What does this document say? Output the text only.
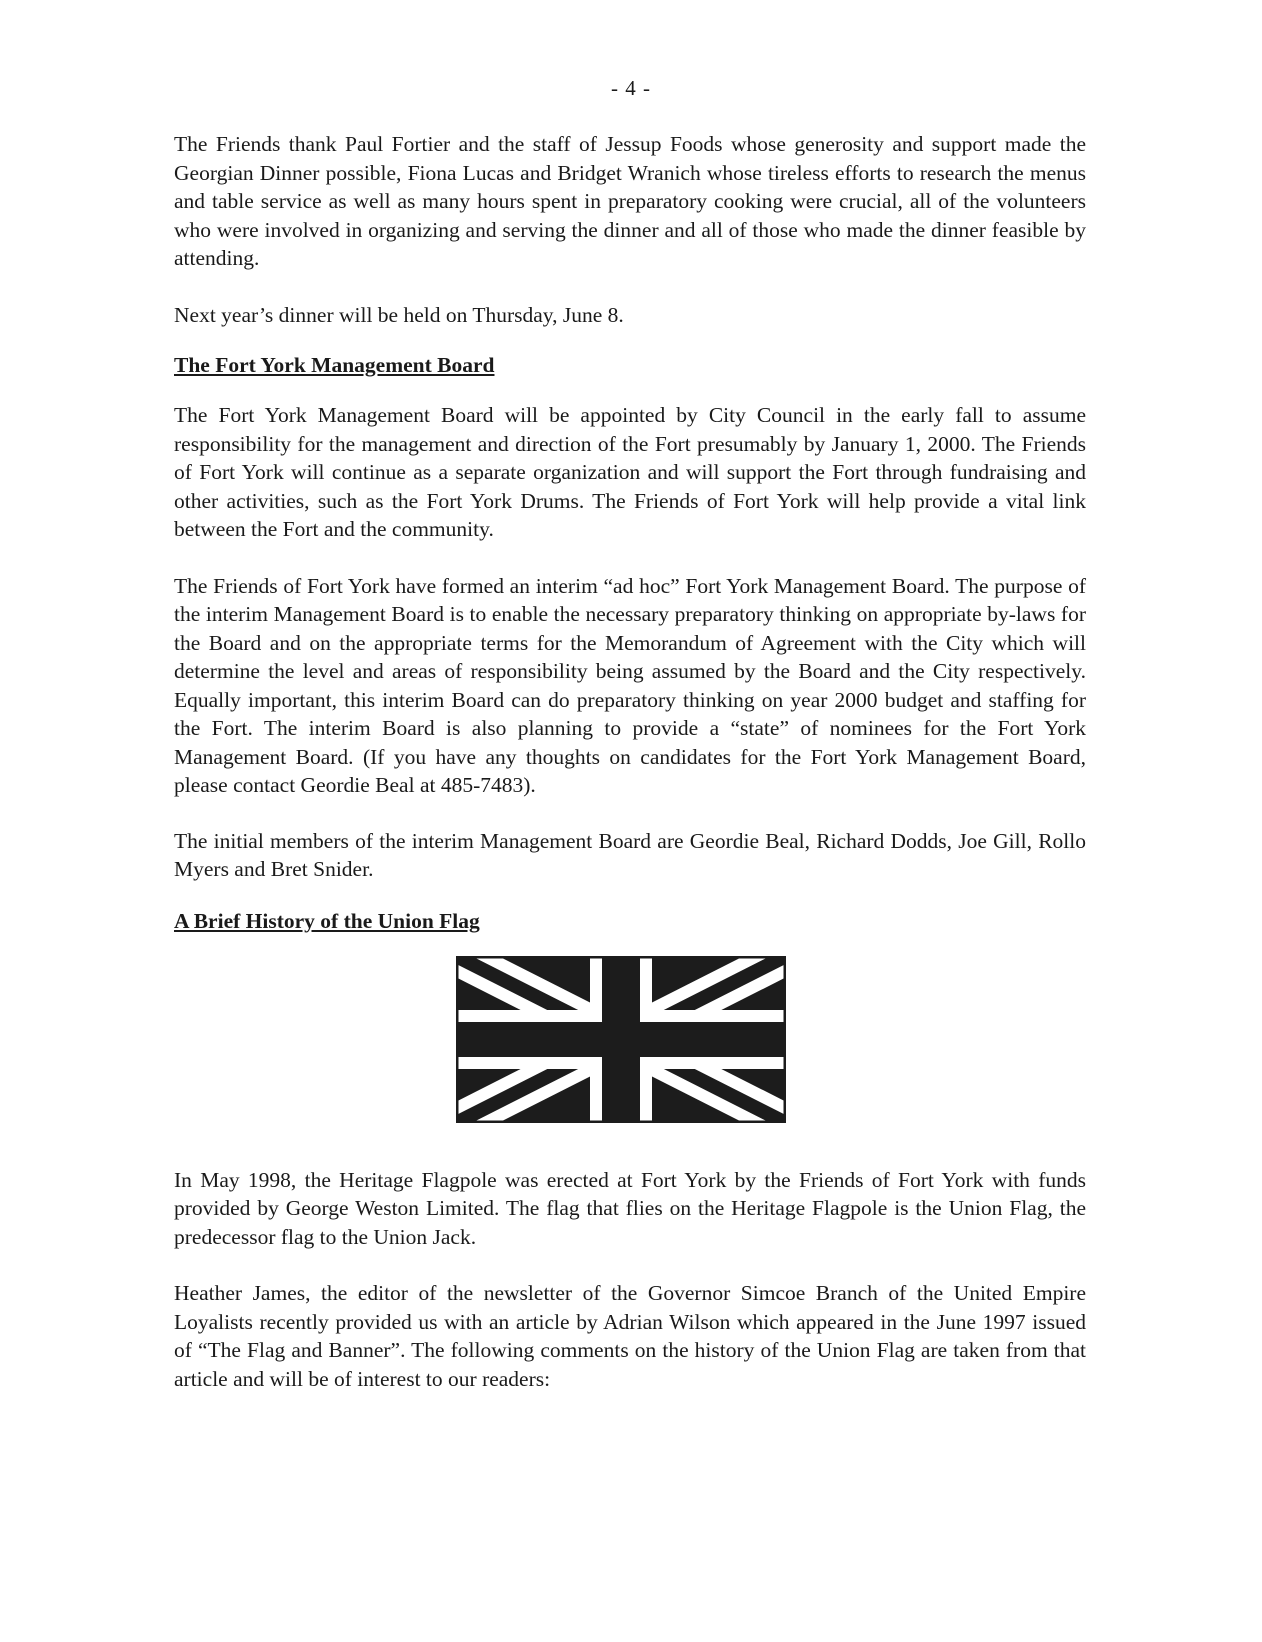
- 4 -

The Friends thank Paul Fortier and the staff of Jessup Foods whose generosity and support made the Georgian Dinner possible, Fiona Lucas and Bridget Wranich whose tireless efforts to research the menus and table service as well as many hours spent in preparatory cooking were crucial, all of the volunteers who were involved in organizing and serving the dinner and all of those who made the dinner feasible by attending.

Next year’s dinner will be held on Thursday, June 8.

The Fort York Management Board

The Fort York Management Board will be appointed by City Council in the early fall to assume responsibility for the management and direction of the Fort presumably by January 1, 2000. The Friends of Fort York will continue as a separate organization and will support the Fort through fundraising and other activities, such as the Fort York Drums. The Friends of Fort York will help provide a vital link between the Fort and the community.

The Friends of Fort York have formed an interim “ad hoc” Fort York Management Board. The purpose of the interim Management Board is to enable the necessary preparatory thinking on appropriate by-laws for the Board and on the appropriate terms for the Memorandum of Agreement with the City which will determine the level and areas of responsibility being assumed by the Board and the City respectively. Equally important, this interim Board can do preparatory thinking on year 2000 budget and staffing for the Fort. The interim Board is also planning to provide a “state” of nominees for the Fort York Management Board. (If you have any thoughts on candidates for the Fort York Management Board, please contact Geordie Beal at 485-7483).

The initial members of the interim Management Board are Geordie Beal, Richard Dodds, Joe Gill, Rollo Myers and Bret Snider.

A Brief History of the Union Flag

In May 1998, the Heritage Flagpole was erected at Fort York by the Friends of Fort York with funds provided by George Weston Limited. The flag that flies on the Heritage Flagpole is the Union Flag, the predecessor flag to the Union Jack.

Heather James, the editor of the newsletter of the Governor Simcoe Branch of the United Empire Loyalists recently provided us with an article by Adrian Wilson which appeared in the June 1997 issued of “The Flag and Banner”. The following comments on the history of the Union Flag are taken from that article and will be of interest to our readers:
